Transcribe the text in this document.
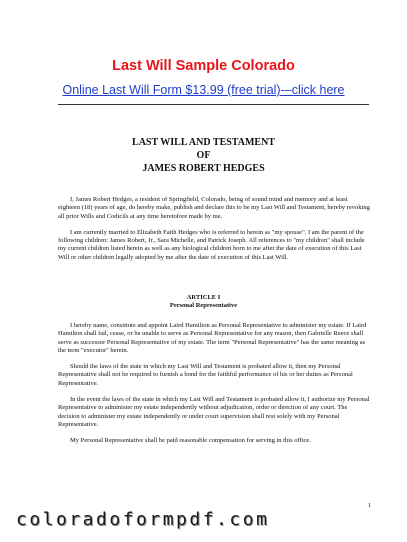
Last Will Sample Colorado
Online Last Will Form $13.99 (free trial)-–click here
LAST WILL AND TESTAMENT
OF
JAMES ROBERT HEDGES

I, James Robert Hedges, a resident of Springfield, Colorado, being of sound mind and memory and at least eighteen (18) years of age, do hereby make, publish and declare this to be my Last Will and Testament, hereby revoking all prior Wills and Codicils at any time heretofore made by me.

I am currently married to Elizabeth Faith Hedges who is referred to herein as "my spouse". I am the parent of the following children: James Robert, Jr., Sara Michelle, and Patrick Joseph. All references to "my children" shall include my current children listed herein as well as any biological children born to me after the date of execution of this Last Will or other children legally adopted by me after the date of execution of this Last Will.

ARTICLE I
Personal Representative

I hereby name, constitute and appoint Laird Hamilton as Personal Representative to administer my estate. If Laird Hamilton shall fail, cease, or be unable to serve as Personal Representative for any reason, then Gabrielle Reece shall serve as successor Personal Representative of my estate. The term "Personal Representative" has the same meaning as the term "executor" herein.

Should the laws of the state in which my Last Will and Testament is probated allow it, then my Personal Representative shall not be required to furnish a bond for the faithful performance of his or her duties as Personal Representative.

In the event the laws of the state in which my Last Will and Testament is probated allow it, I authorize my Personal Representative to administer my estate independently without adjudication, order or direction of any court. The decision to administer my estate independently or under court supervision shall rest solely with my Personal Representative.

My Personal Representative shall be paid reasonable compensation for serving in this office.

1
coloradoformpdf.com
